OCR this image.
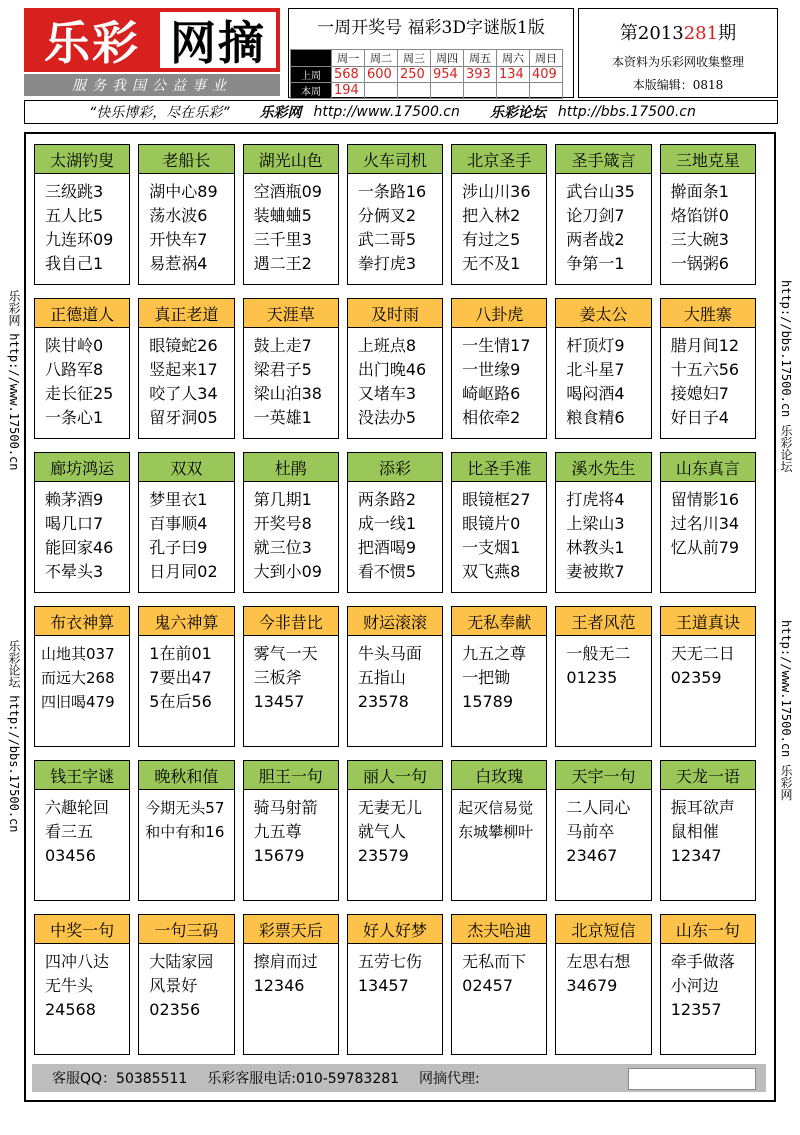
乐彩 网摘
服务我国公益事业
一周开奖号 福彩3D字谜版1版
	周一	周二	周三	周四	周五	周六	周日
上周	568	600	250	954	393	134	409
本周	194						
第2013281期
本资料为乐彩网收集整理
本版编辑：0818
“快乐博彩，尽在乐彩” 乐彩网 http://www.17500.cn 乐彩论坛 http://bbs.17500.cn
乐彩网 http://www.17500.cn
乐彩论坛 http://bbs.17500.cn
http://bbs.17500.cn 乐彩论坛
http://www.17500.cn 乐彩网
太湖钓叟
三级跳3
五人比5
九连环09
我自己1
老船长
湖中心89
荡水波6
开快车7
易惹祸4
湖光山色
空酒瓶09
装蛐蛐5
三千里3
遇二王2
火车司机
一条路16
分俩叉2
武二哥5
拳打虎3
北京圣手
涉山川36
把入林2
有过之5
无不及1
圣手箴言
武台山35
论刀剑7
两者战2
争第一1
三地克星
擀面条1
烙馅饼0
三大碗3
一锅粥6
正德道人
陕甘岭0
八路军8
走长征25
一条心1
真正老道
眼镜蛇26
竖起来17
咬了人34
留牙洞05
天涯草
鼓上走7
梁君子5
梁山泊38
一英雄1
及时雨
上班点8
出门晚46
又堵车3
没法办5
八卦虎
一生情17
一世缘9
崎岖路6
相依牵2
姜太公
杆顶灯9
北斗星7
喝闷酒4
粮食精6
大胜寨
腊月间12
十五六56
接媳妇7
好日子4
廊坊鸿运
赖茅酒9
喝几口7
能回家46
不晕头3
双双
梦里衣1
百事顺4
孔子曰9
日月同02
杜鹃
第几期1
开奖号8
就三位3
大到小09
添彩
两条路2
成一线1
把酒喝9
看不惯5
比圣手准
眼镜框27
眼镜片0
一支烟1
双飞燕8
溪水先生
打虎将4
上梁山3
林教头1
妻被欺7
山东真言
留情影16
过名川34
忆从前79
布衣神算
山地其037
而远大268
四旧喝479
鬼六神算
1在前01
7要出47
5在后56
今非昔比
雾气一天
三板斧
13457
财运滚滚
牛头马面
五指山
23578
无私奉献
九五之尊
一把锄
15789
王者风范
一般无二
01235
王道真诀
天无二日
02359
钱王字谜
六趣轮回
看三五
03456
晚秋和值
今期无头57
和中有和16
胆王一句
骑马射箭
九五尊
15679
丽人一句
无妻无儿
就气人
23579
白玫瑰
起灭信易觉
东城攀柳叶
天宇一句
二人同心
马前卒
23467
天龙一语
振耳欲声
鼠相催
12347
中奖一句
四冲八达
无牛头
24568
一句三码
大陆家园
风景好
02356
彩票天后
擦肩而过
12346
好人好梦
五劳七伤
13457
杰夫哈迪
无私而下
02457
北京短信
左思右想
34679
山东一句
牵手做落
小河边
12357
客服QQ：50385511 乐彩客服电话:010-59783281 网摘代理:
